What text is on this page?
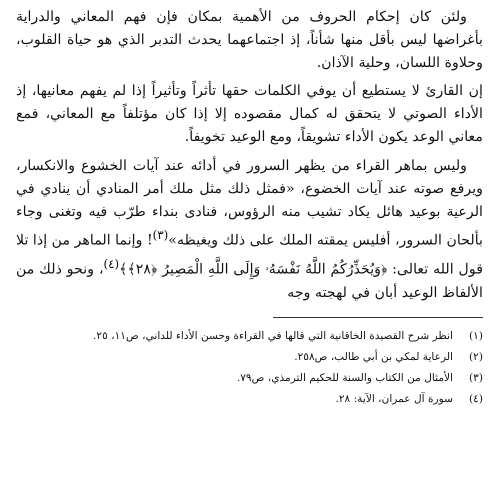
ولئن كان إحكام الحروف من الأهمية بمكان فإن فهم المعاني والدراية بأغراضها ليس بأقل منها شأناً، إذ اجتماعهما يحدث التدبر الذي هو حياة القلوب، وحلاوة اللسان، وحلية الآذان.

إن القارئ لا يستطيع أن يوفي الكلمات حقها تأثراً وتأثيراً إذا لم يفهم معانيها، إذ الأداء الصوتي لا يتحقق له كمال مقصوده إلا إذا كان مؤتلفاً مع المعاني، فمع معاني الوعد يكون الأداء تشويقاً، ومع الوعيد تخويفاً.

وليس بماهر القراء من يظهر السرور في أدائه عند آيات الخشوع والانكسار، ويرفع صوته عند آيات الخضوع، «فمثل ذلك مثل ملك أمر المنادي أن ينادي في الرعية بوعيد هائل يكاد تشيب منه الرؤوس، فنادى بنداء طرّب فيه وتغنى وجاء بألحان السرور، أفليس يمقته الملك على ذلك ويغيظه»$^{(٣)}$! وإنما الماهر من إذا تلا قول الله تعالى: ﴿وَيُحَذِّرُكُمُ اللَّهُ نَفْسَهُۥ وَإِلَى اللَّهِ الْمَصِيرُ ﴿٢٨﴾﴾$^{(٤)}$، ونحو ذلك من الألفاظ الوعيد أبان في لهجته وجه

(١)انظر شرح القصيدة الخاقانية التي قالها في القراءة وحسن الأداء للداني، ص١١، ٢٥.

(٢)الرعاية لمكي بن أبي طالب، ص٢٥٨.

(٣)الأمثال من الكتاب والسنة للحكيم الترمذي، ص٧٩.

(٤)سورة آل عمران، الآية: ٢٨.
